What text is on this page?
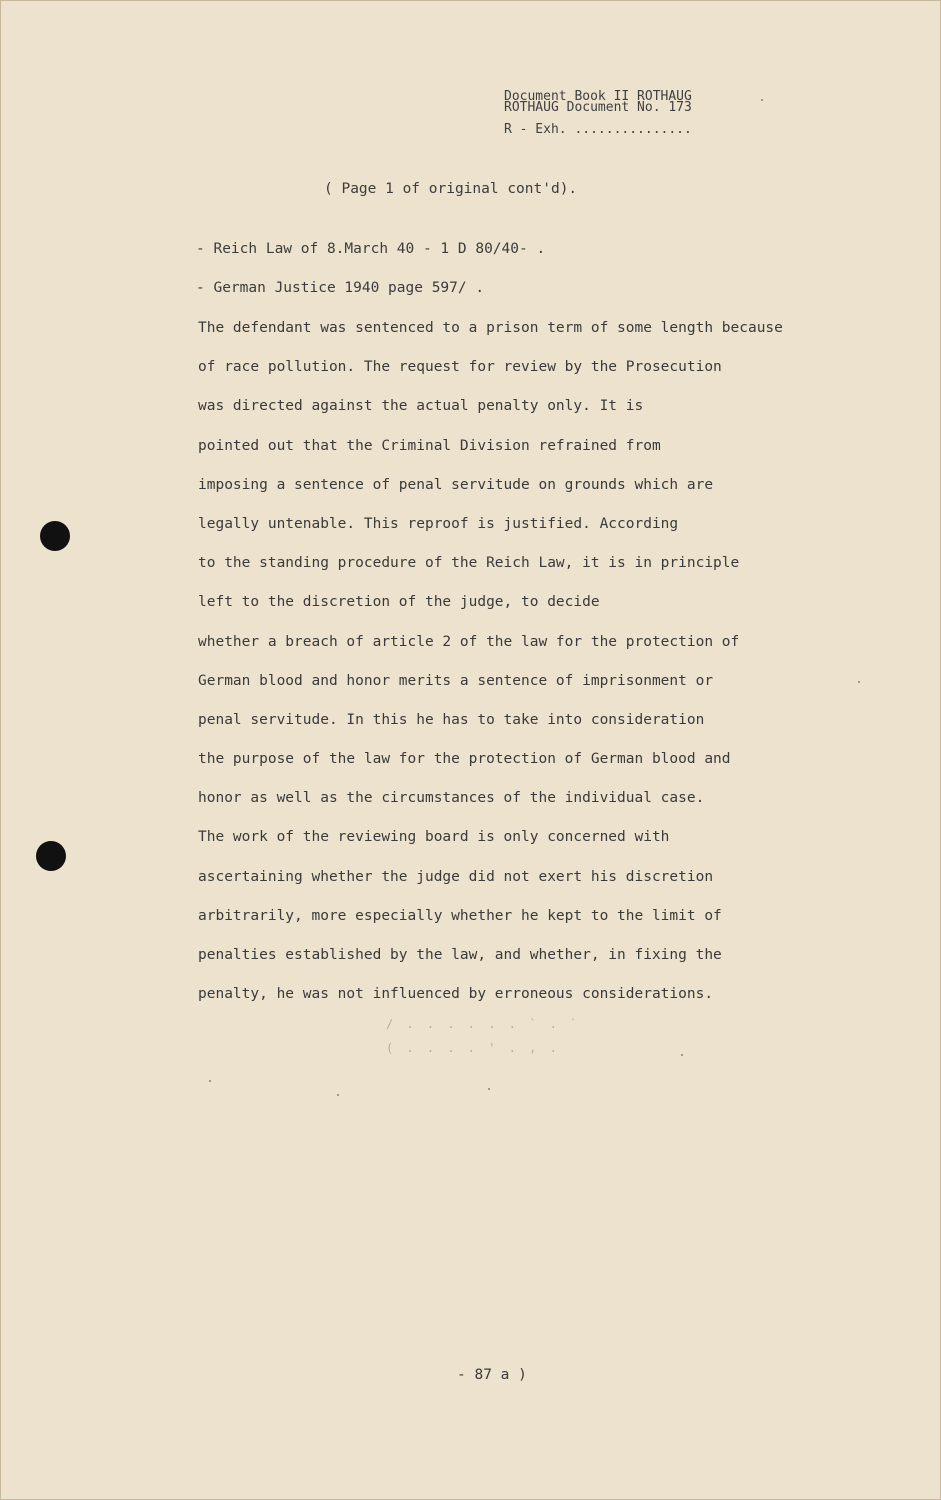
Document Book II ROTHAUG
ROTHAUG Document No. 173
R - Exh. ...............
( Page 1 of original cont'd).
- Reich Law of 8.March 40 - 1 D 80/40- .
- German Justice 1940 page 597/ .
The defendant was sentenced to a prison term of some length because
of race pollution. The request for review by the Prosecution
was directed against the actual penalty only. It is
pointed out that the Criminal Division refrained from
imposing a sentence of penal servitude on grounds which are
legally untenable. This reproof is justified. According
to the standing procedure of the Reich Law, it is in principle
left to the discretion of the judge, to decide
whether a breach of article 2 of the law for the protection of
German blood and honor merits a sentence of imprisonment or
penal servitude. In this he has to take into consideration
the purpose of the law for the protection of German blood and
honor as well as the circumstances of the individual case.
The work of the reviewing board is only concerned with
ascertaining whether the judge did not exert his discretion
arbitrarily, more especially whether he kept to the limit of
penalties established by the law, and whether, in fixing the
penalty, he was not influenced by erroneous considerations.
/ . . . . . . ` . `
( . . . . ' . , .
- 87 a )
